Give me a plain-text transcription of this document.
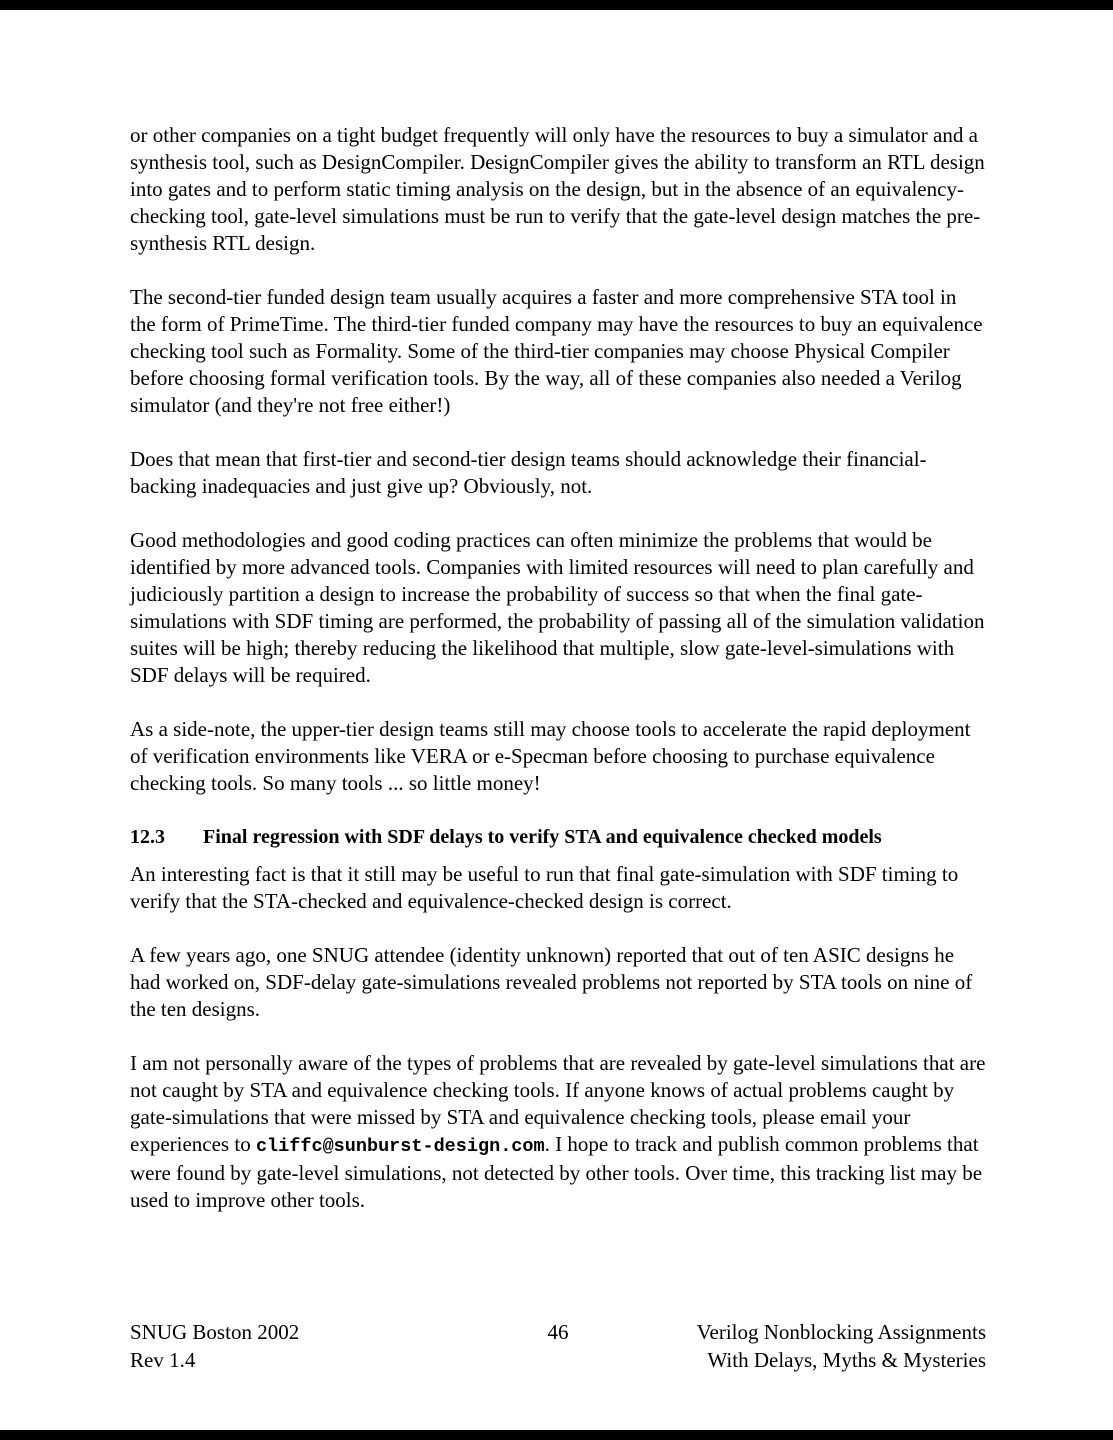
or other companies on a tight budget frequently will only have the resources to buy a simulator and a synthesis tool, such as DesignCompiler. DesignCompiler gives the ability to transform an RTL design into gates and to perform static timing analysis on the design, but in the absence of an equivalency-checking tool, gate-level simulations must be run to verify that the gate-level design matches the pre-synthesis RTL design.

The second-tier funded design team usually acquires a faster and more comprehensive STA tool in the form of PrimeTime. The third-tier funded company may have the resources to buy an equivalence checking tool such as Formality. Some of the third-tier companies may choose Physical Compiler before choosing formal verification tools. By the way, all of these companies also needed a Verilog simulator (and they're not free either!)

Does that mean that first-tier and second-tier design teams should acknowledge their financial-backing inadequacies and just give up? Obviously, not.

Good methodologies and good coding practices can often minimize the problems that would be identified by more advanced tools. Companies with limited resources will need to plan carefully and judiciously partition a design to increase the probability of success so that when the final gate-simulations with SDF timing are performed, the probability of passing all of the simulation validation suites will be high; thereby reducing the likelihood that multiple, slow gate-level-simulations with SDF delays will be required.

As a side-note, the upper-tier design teams still may choose tools to accelerate the rapid deployment of verification environments like VERA or e-Specman before choosing to purchase equivalence checking tools. So many tools ... so little money!

12.3 Final regression with SDF delays to verify STA and equivalence checked models

An interesting fact is that it still may be useful to run that final gate-simulation with SDF timing to verify that the STA-checked and equivalence-checked design is correct.

A few years ago, one SNUG attendee (identity unknown) reported that out of ten ASIC designs he had worked on, SDF-delay gate-simulations revealed problems not reported by STA tools on nine of the ten designs.

I am not personally aware of the types of problems that are revealed by gate-level simulations that are not caught by STA and equivalence checking tools. If anyone knows of actual problems caught by gate-simulations that were missed by STA and equivalence checking tools, please email your experiences to cliffc@sunburst-design.com. I hope to track and publish common problems that were found by gate-level simulations, not detected by other tools. Over time, this tracking list may be used to improve other tools.

46
SNUG Boston 2002
Rev 1.4
Verilog Nonblocking Assignments
With Delays, Myths & Mysteries
